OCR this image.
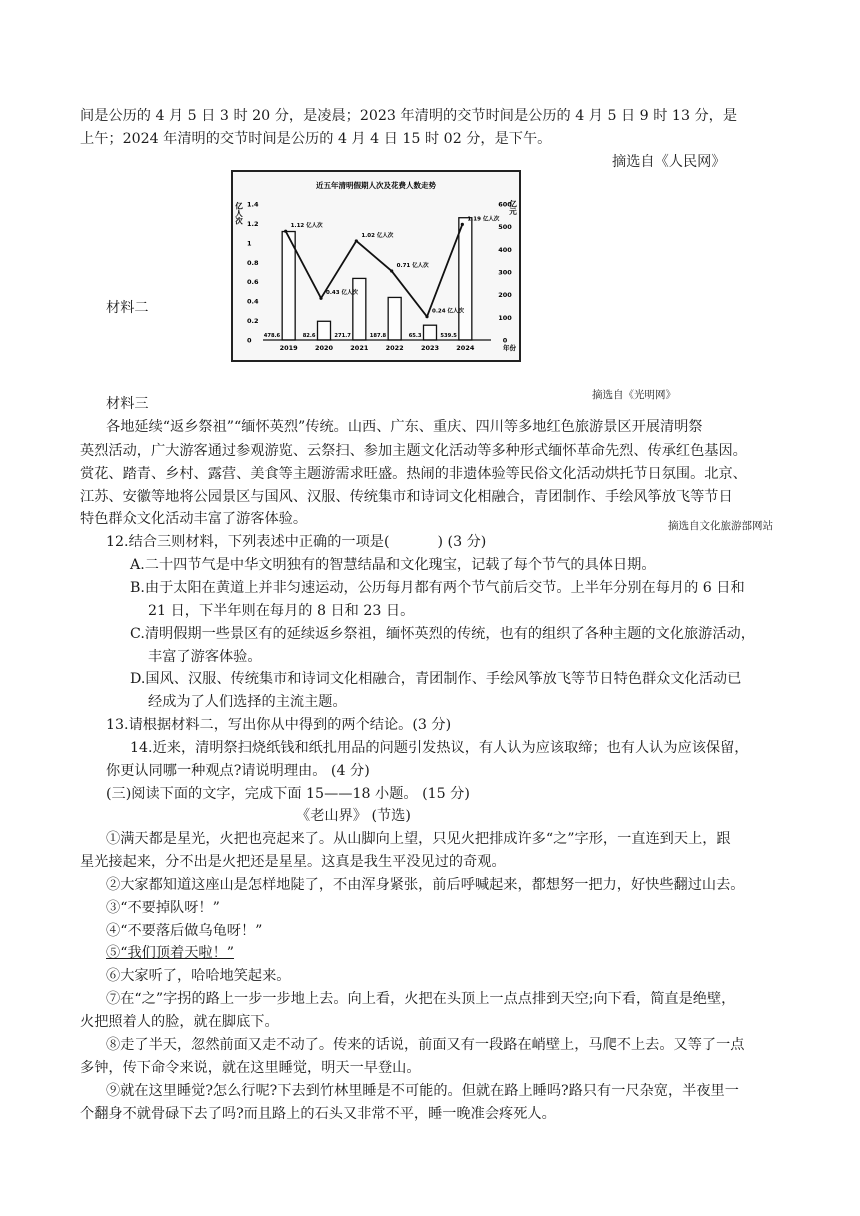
间是公历的 4 月 5 日 3 时 20 分，是凌晨；2023 年清明的交节时间是公历的 4 月 5 日 9 时 13 分，是
上午；2024 年清明的交节时间是公历的 4 月 4 日 15 时 02 分，是下午。
摘选自《人民网》
材料二
近五年清明假期人次及花费人数走势
亿人次	亿元
年份
1.4
1.2
1
0.8
0.6
0.4
0.2
0
600
500
400
300
200
100
0
478.6	82.6	271.7	187.8	65.3	539.5
1.12 亿人次
0.43 亿人次
1.02 亿人次
0.71 亿人次
0.24 亿人次
1.19 亿人次
2019	2020	2021	2022	2023	2024
摘选自《光明网》
材料三
各地延续“返乡祭祖”“缅怀英烈”传统。山西、广东、重庆、四川等多地红色旅游景区开展清明祭
英烈活动，广大游客通过参观游览、云祭扫、参加主题文化活动等多种形式缅怀革命先烈、传承红色基因。
赏花、踏青、乡村、露营、美食等主题游需求旺盛。热闹的非遗体验等民俗文化活动烘托节日氛围。北京、
江苏、安徽等地将公园景区与国风、汉服、传统集市和诗词文化相融合，青团制作、手绘风筝放飞等节日
特色群众文化活动丰富了游客体验。	摘选自文化旅游部网站
12.结合三则材料，下列表述中正确的一项是(	) (3 分)
A.二十四节气是中华文明独有的智慧结晶和文化瑰宝，记载了每个节气的具体日期。
B.由于太阳在黄道上并非匀速运动，公历每月都有两个节气前后交节。上半年分别在每月的 6 日和
21 日，下半年则在每月的 8 日和 23 日。
C.清明假期一些景区有的延续返乡祭祖，缅怀英烈的传统，也有的组织了各种主题的文化旅游活动，
丰富了游客体验。
D.国风、汉服、传统集市和诗词文化相融合，青团制作、手绘风筝放飞等节日特色群众文化活动已
经成为了人们选择的主流主题。
13.请根据材料二，写出你从中得到的两个结论。(3 分)
14.近来，清明祭扫烧纸钱和纸扎用品的问题引发热议，有人认为应该取缔；也有人认为应该保留，
你更认同哪一种观点?请说明理由。 (4 分)
(三)阅读下面的文字，完成下面 15——18 小题。 (15 分)
《老山界》 (节选)
①满天都是星光，火把也亮起来了。从山脚向上望，只见火把排成许多“之”字形，一直连到天上，跟
星光接起来，分不出是火把还是星星。这真是我生平没见过的奇观。
②大家都知道这座山是怎样地陡了，不由浑身紧张，前后呼喊起来，都想努一把力，好快些翻过山去。
③“不要掉队呀！”
④“不要落后做乌龟呀！”
⑤“我们顶着天啦！”
⑥大家听了，哈哈地笑起来。
⑦在“之”字拐的路上一步一步地上去。向上看，火把在头顶上一点点排到天空;向下看，简直是绝壁，
火把照着人的脸，就在脚底下。
⑧走了半天，忽然前面又走不动了。传来的话说，前面又有一段路在峭壁上，马爬不上去。又等了一点
多钟，传下命令来说，就在这里睡觉，明天一早登山。
⑨就在这里睡觉?怎么行呢?下去到竹林里睡是不可能的。但就在路上睡吗?路只有一尺杂宽，半夜里一
个翻身不就骨碌下去了吗?而且路上的石头又非常不平，睡一晚准会疼死人。
